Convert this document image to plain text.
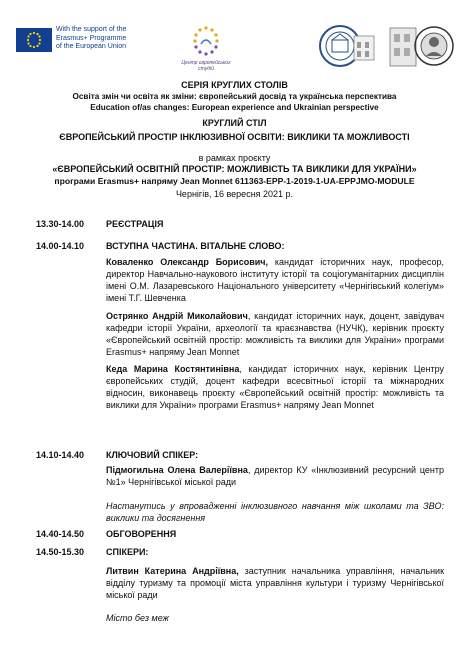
With the support of the
Erasmus+ Programme
of the European Union
Центр європейських студій
СЕРІЯ КРУГЛИХ СТОЛІВ
Освіта змін чи освіта як зміни: європейський досвід та українська перспектива
Education of/as changes: European experience and Ukrainian perspective
КРУГЛИЙ СТІЛ
ЄВРОПЕЙСЬКИЙ ПРОСТІР ІНКЛЮЗИВНОЇ ОСВІТИ: ВИКЛИКИ ТА МОЖЛИВОСТІ
в рамках проєкту
«ЄВРОПЕЙСЬКИЙ ОСВІТНІЙ ПРОСТІР: МОЖЛИВІСТЬ ТА ВИКЛИКИ ДЛЯ УКРАЇНИ»
програми Erasmus+ напряму Jean Monnet 611363-EPP-1-2019-1-UA-EPPJMO-MODULE
Чернігів, 16 вересня 2021 р.
13.30-14.00 РЕЄСТРАЦІЯ
14.00-14.10 ВСТУПНА ЧАСТИНА. ВІТАЛЬНЕ СЛОВО:
Коваленко Олександр Борисович, кандидат історичних наук, професор, директор Навчально-наукового інституту історії та соціогуманітарних дисциплін імені О.М. Лазаревського Національного університету «Чернігівський колегіум» імені Т.Г. Шевченка
Острянко Андрій Миколайович, кандидат історичних наук, доцент, завідувач кафедри історії України, археології та краєзнавства (НУЧК), керівник проєкту «Європейський освітній простір: можливість та виклики для України» програми Erasmus+ напряму Jean Monnet
Кеда Марина Костянтинівна, кандидат історичних наук, керівник Центру європейських студій, доцент кафедри всесвітньої історії та міжнародних відносин, виконавець проєкту «Європейський освітній простір: можливість та виклики для України» програми Erasmus+ напряму Jean Monnet
14.10-14.40 КЛЮЧОВИЙ СПІКЕР:
Підмогильна Олена Валеріївна, директор КУ «Інклюзивний ресурсний центр №1» Чернігівської міської ради
Настанутись у впровадженні інклюзивного навчання між школами та ЗВО: виклики та досягнення
14.40-14.50 ОБГОВОРЕННЯ
14.50-15.30 СПІКЕРИ:
Литвин Катерина Андріївна, заступник начальника управління, начальник відділу туризму та промоції міста управління культури і туризму Чернігівської міської ради
Місто без меж
